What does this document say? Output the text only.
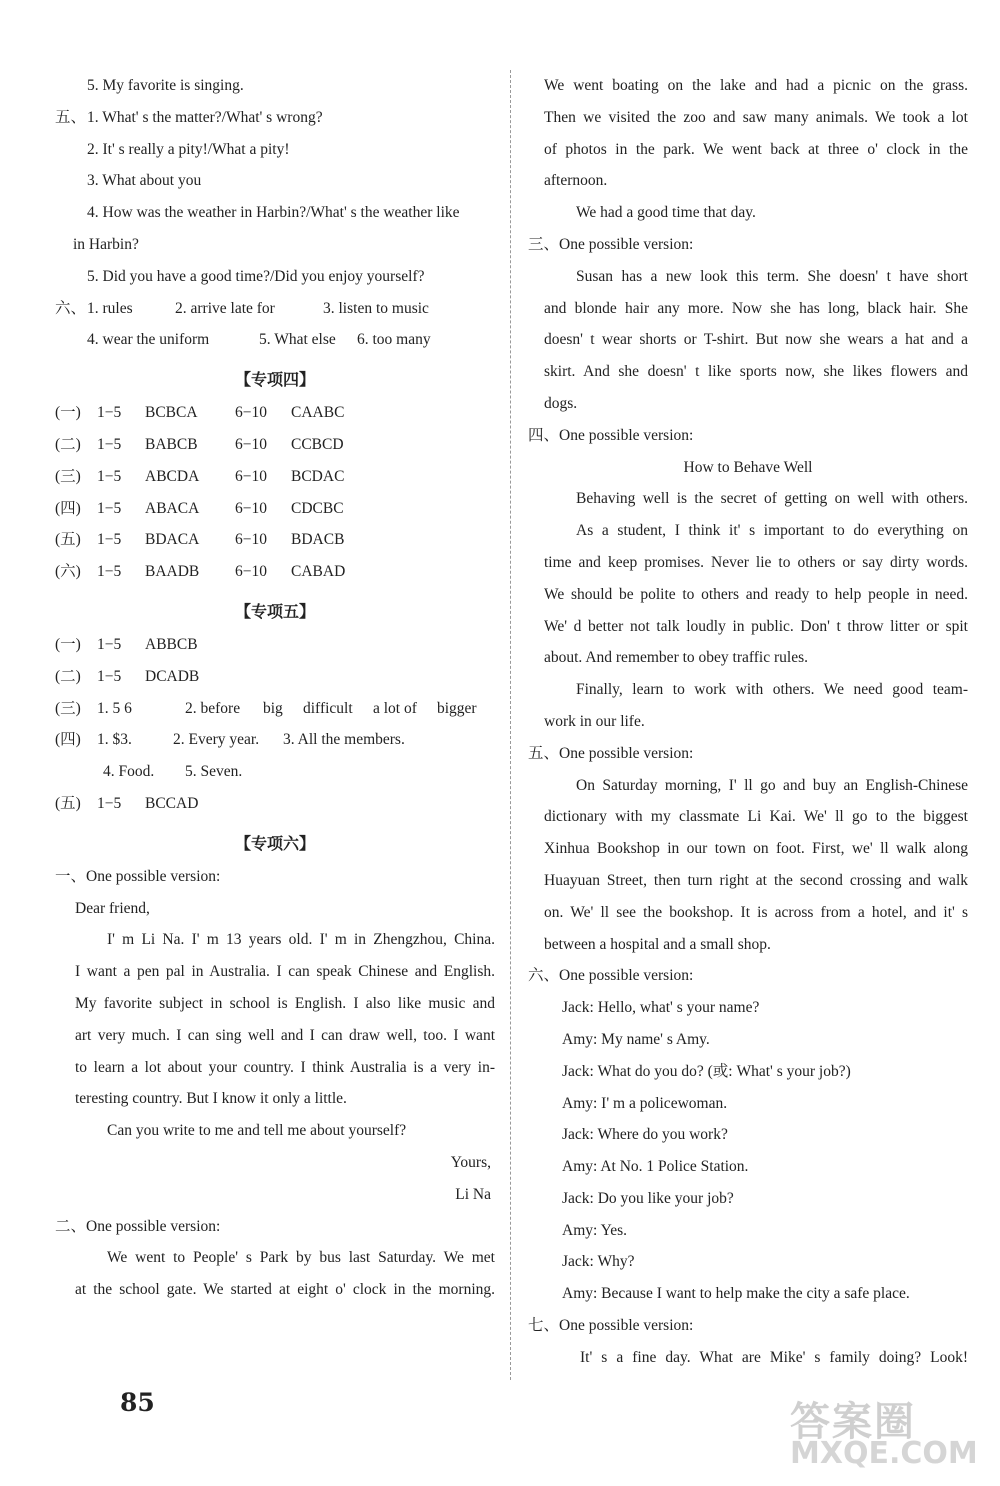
5. My favorite is singing.
五、1. What' s the matter?/What' s wrong?
2. It' s really a pity!/What a pity!
3. What about you
4. How was the weather in Harbin?/What' s the weather like
in Harbin?
5. Did you have a good time?/Did you enjoy yourself?
六、1. rules	2. arrive late for	3. listen to music
4. wear the uniform	5. What else 6. too many
【专项四】
(一) 1−5 BCBCA 6−10 CAABC
(二) 1−5 BABCB 6−10 CCBCD
(三) 1−5 ABCDA 6−10 BCDAC
(四) 1−5 ABACA 6−10 CDCBC
(五) 1−5 BDACA 6−10 BDACB
(六) 1−5 BAADB 6−10 CABAD
【专项五】
(一) 1−5 ABBCB
(二) 1−5 DCADB
(三) 1. 5 6	2. before big difficult a lot of bigger
(四) 1. $3.	2. Every year. 3. All the members.
4. Food. 5. Seven.
(五) 1−5 BCCAD
【专项六】
一、One possible version:
Dear friend,
I' m Li Na. I' m 13 years old. I' m in Zhengzhou, China.
I want a pen pal in Australia. I can speak Chinese and English.
My favorite subject in school is English. I also like music and
art very much. I can sing well and I can draw well, too. I want
to learn a lot about your country. I think Australia is a very in-
teresting country. But I know it only a little.
Can you write to me and tell me about yourself?
Yours,
Li Na
二、One possible version:
We went to People' s Park by bus last Saturday. We met
at the school gate. We started at eight o' clock in the morning.
We went boating on the lake and had a picnic on the grass.
Then we visited the zoo and saw many animals. We took a lot
of photos in the park. We went back at three o' clock in the
afternoon.
We had a good time that day.
三、One possible version:
Susan has a new look this term. She doesn' t have short
and blonde hair any more. Now she has long, black hair. She
doesn' t wear shorts or T-shirt. But now she wears a hat and a
skirt. And she doesn' t like sports now, she likes flowers and
dogs.
四、One possible version:
How to Behave Well
Behaving well is the secret of getting on well with others.
As a student, I think it' s important to do everything on
time and keep promises. Never lie to others or say dirty words.
We should be polite to others and ready to help people in need.
We' d better not talk loudly in public. Don' t throw litter or spit
about. And remember to obey traffic rules.
Finally, learn to work with others. We need good team-
work in our life.
五、One possible version:
On Saturday morning, I' ll go and buy an English-Chinese
dictionary with my classmate Li Kai. We' ll go to the biggest
Xinhua Bookshop in our town on foot. First, we' ll walk along
Huayuan Street, then turn right at the second crossing and walk
on. We' ll see the bookshop. It is across from a hotel, and it' s
between a hospital and a small shop.
六、One possible version:
Jack: Hello, what' s your name?
Amy: My name' s Amy.
Jack: What do you do? (或: What' s your job?)
Amy: I' m a policewoman.
Jack: Where do you work?
Amy: At No. 1 Police Station.
Jack: Do you like your job?
Amy: Yes.
Jack: Why?
Amy: Because I want to help make the city a safe place.
七、One possible version:
It' s a fine day. What are Mike' s family doing? Look!
85	答案圈
MXQE.COM
